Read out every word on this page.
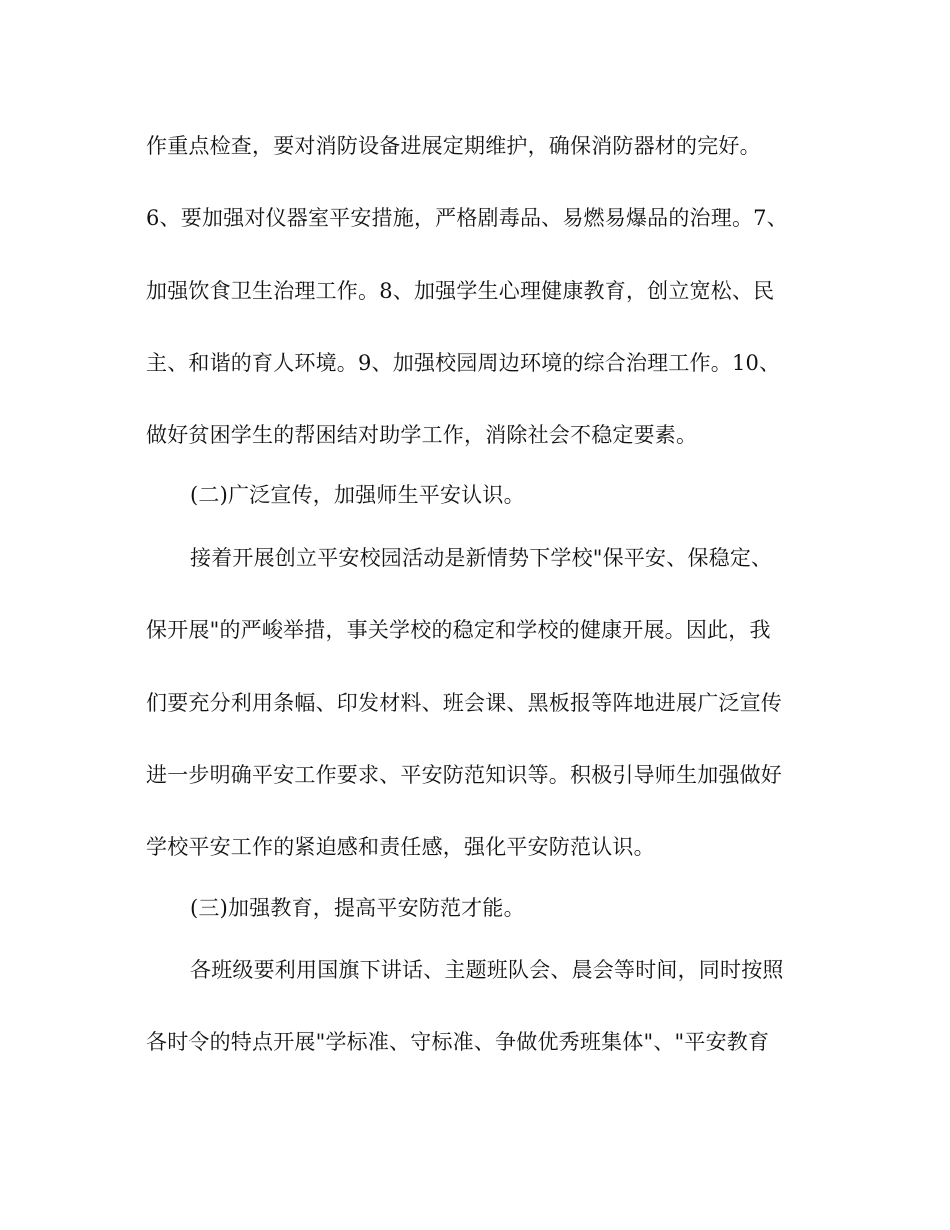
作重点检查，要对消防设备进展定期维护，确保消防器材的完好。
6、要加强对仪器室平安措施，严格剧毒品、易燃易爆品的治理。7、
加强饮食卫生治理工作。8、加强学生心理健康教育，创立宽松、民
主、和谐的育人环境。9、加强校园周边环境的综合治理工作。10、
做好贫困学生的帮困结对助学工作，消除社会不稳定要素。
(二)广泛宣传，加强师生平安认识。
接着开展创立平安校园活动是新情势下学校"保平安、保稳定、
保开展"的严峻举措，事关学校的稳定和学校的健康开展。因此，我
们要充分利用条幅、印发材料、班会课、黑板报等阵地进展广泛宣传
进一步明确平安工作要求、平安防范知识等。积极引导师生加强做好
学校平安工作的紧迫感和责任感，强化平安防范认识。
(三)加强教育，提高平安防范才能。
各班级要利用国旗下讲话、主题班队会、晨会等时间，同时按照
各时令的特点开展"学标准、守标准、争做优秀班集体"、"平安教育
